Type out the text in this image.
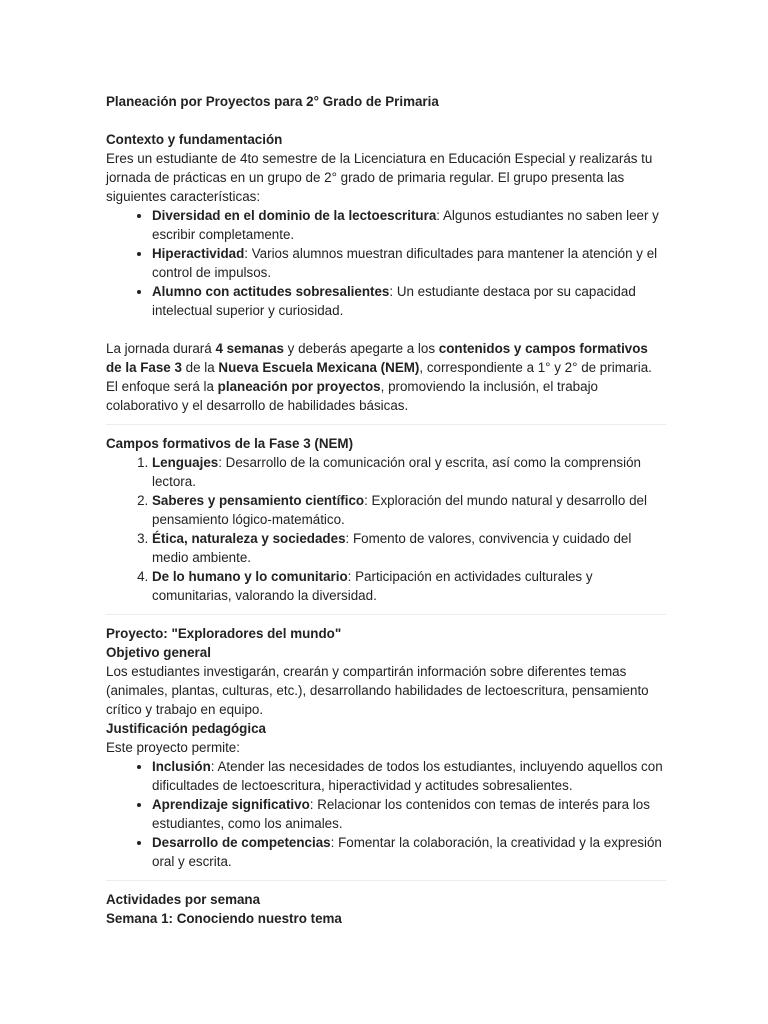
Planeación por Proyectos para 2° Grado de Primaria

Contexto y fundamentación

Eres un estudiante de 4to semestre de la Licenciatura en Educación Especial y realizarás tu jornada de prácticas en un grupo de 2° grado de primaria regular. El grupo presenta las siguientes características:

• Diversidad en el dominio de la lectoescritura: Algunos estudiantes no saben leer y escribir completamente.
• Hiperactividad: Varios alumnos muestran dificultades para mantener la atención y el control de impulsos.
• Alumno con actitudes sobresalientes: Un estudiante destaca por su capacidad intelectual superior y curiosidad.

La jornada durará 4 semanas y deberás apegarte a los contenidos y campos formativos de la Fase 3 de la Nueva Escuela Mexicana (NEM), correspondiente a 1° y 2° de primaria. El enfoque será la planeación por proyectos, promoviendo la inclusión, el trabajo colaborativo y el desarrollo de habilidades básicas.

Campos formativos de la Fase 3 (NEM)

1. Lenguajes: Desarrollo de la comunicación oral y escrita, así como la comprensión lectora.
2. Saberes y pensamiento científico: Exploración del mundo natural y desarrollo del pensamiento lógico-matemático.
3. Ética, naturaleza y sociedades: Fomento de valores, convivencia y cuidado del medio ambiente.
4. De lo humano y lo comunitario: Participación en actividades culturales y comunitarias, valorando la diversidad.

Proyecto: "Exploradores del mundo"

Objetivo general

Los estudiantes investigarán, crearán y compartirán información sobre diferentes temas (animales, plantas, culturas, etc.), desarrollando habilidades de lectoescritura, pensamiento crítico y trabajo en equipo.

Justificación pedagógica

Este proyecto permite:

• Inclusión: Atender las necesidades de todos los estudiantes, incluyendo aquellos con dificultades de lectoescritura, hiperactividad y actitudes sobresalientes.
• Aprendizaje significativo: Relacionar los contenidos con temas de interés para los estudiantes, como los animales.
• Desarrollo de competencias: Fomentar la colaboración, la creatividad y la expresión oral y escrita.

Actividades por semana

Semana 1: Conociendo nuestro tema
